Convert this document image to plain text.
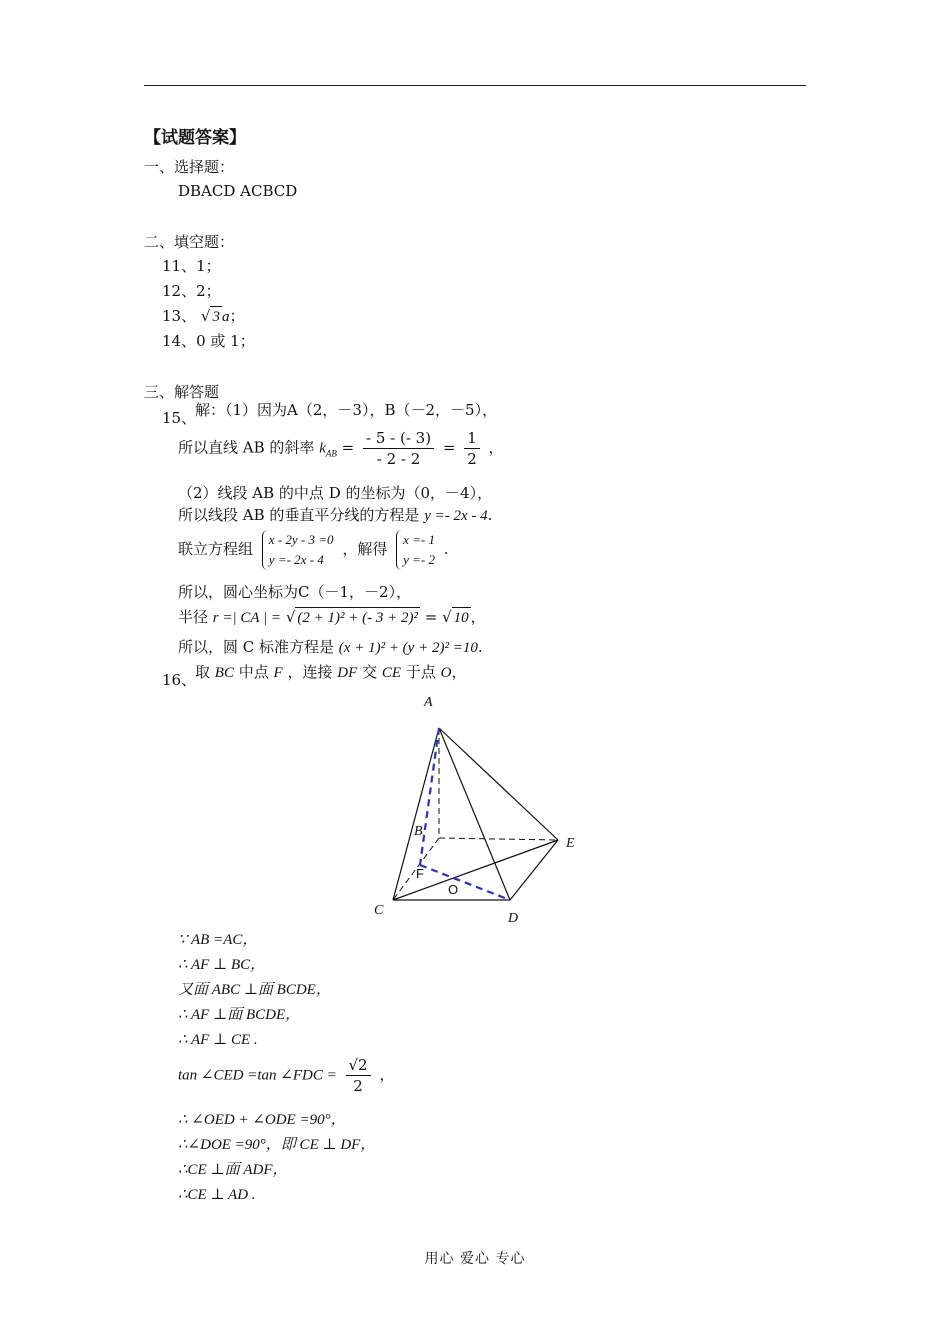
【试题答案】
一、选择题：
DBACD ACBCD
二、填空题：
11、1；
12、2；
13、 √ 3 a；
14、0 或 1；
三、解答题
15、
解：（1）因为A（2，－3），B（－2，－5），
所以直线 AB 的斜率 $k_{AB} = \frac{- 5 - (- 3)}{- 2 - 2} = \frac{1}{2}$ ，
（2）线段 AB 的中点 D 的坐标为（0，－4），
所以线段 AB 的垂直平分线的方程是 y =- 2x - 4.
联立方程组
x - 2y - 3 =0
y =- 2x - 4
，解得
x =- 1
y =- 2
.
所以，圆心坐标为C（－1，－2），
半径 r =| CA | = √ (2 + 1)² + (- 3 + 2)² = √ 10 ，
所以，圆 C 标准方程是 (x + 1)² + (y + 2)² =10.
16、
取 BC 中点 F ，连接 DF 交 CE 于点 O，
A
B
C
D
E
F
O
∵ AB =AC，
∴ AF ⊥ BC，
又面 ABC ⊥面 BCDE，
∴ AF ⊥面 BCDE，
∴ AF ⊥ CE .
tan ∠CED =tan ∠FDC = $\frac{√2}{2}$ ，
∴ ∠OED + ∠ODE =90°，
∴∠DOE =90°，即 CE ⊥ DF，
∴CE ⊥面 ADF，
∴CE ⊥ AD .
用心 爱心 专心
